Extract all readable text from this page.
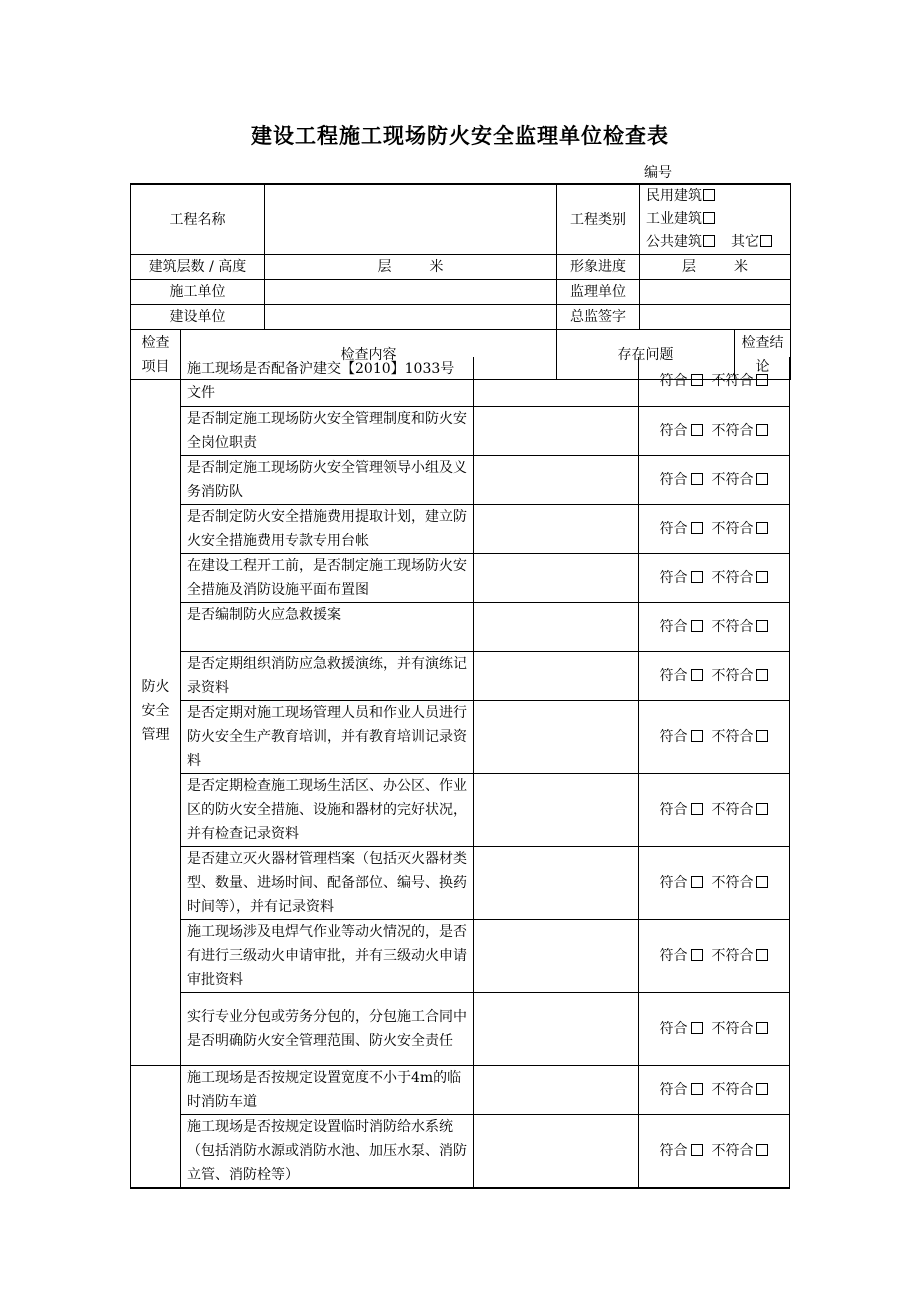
建设工程施工现场防火安全监理单位检查表
编号
工程名称		工程类别	
民用建筑工业建筑
公共建筑 其它

建筑层数 / 高度	层	米	形象进度	层	米
施工单位		监理单位	
建设单位		总监签字	

检查
项目
	检查内容		存在问题	检查结论
防火
安全
管理	施工现场是否配备沪建交【2010】1033号文件		符合 不符合
	是否制定施工现场防火安全管理制度和防火安全岗位职责		符合 不符合
	是否制定施工现场防火安全管理领导小组及义务消防队		符合 不符合
	是否制定防火安全措施费用提取计划，建立防火安全措施费用专款专用台帐		符合 不符合
	在建设工程开工前，是否制定施工现场防火安全措施及消防设施平面布置图		符合 不符合
	是否编制防火应急救援案		符合 不符合
	是否定期组织消防应急救援演练，并有演练记录资料		符合 不符合
	是否定期对施工现场管理人员和作业人员进行防火安全生产教育培训，并有教育培训记录资料		符合 不符合
	是否定期检查施工现场生活区、办公区、作业区的防火安全措施、设施和器材的完好状况，并有检查记录资料		符合 不符合
	是否建立灭火器材管理档案（包括灭火器材类型、数量、进场时间、配备部位、编号、换药时间等），并有记录资料		符合 不符合
	施工现场涉及电焊气作业等动火情况的，是否有进行三级动火申请审批，并有三级动火申请审批资料		符合 不符合
	实行专业分包或劳务分包的，分包施工合同中是否明确防火安全管理范围、防火安全责任		符合 不符合
	施工现场是否按规定设置宽度不小于4m的临时消防车道		符合 不符合
	施工现场是否按规定设置临时消防给水系统（包括消防水源或消防水池、加压水泵、消防立管、消防栓等）		符合 不符合
